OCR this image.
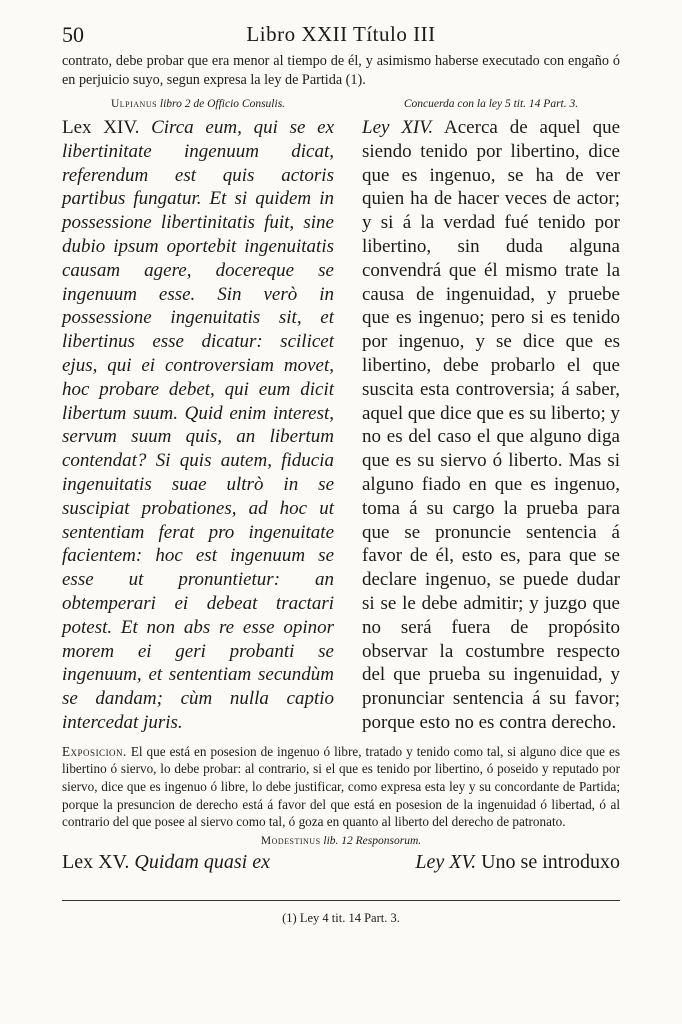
50	Libro XXII Título III

contrato, debe probar que era menor al tiempo de él, y asimismo haberse executado con engaño ó en perjuicio suyo, segun expresa la ley de Partida (1).

Ulpianus libro 2 de Officio Consulis.

Lex XIV. Circa eum, qui se ex libertinitate ingenuum dicat, referendum est quis actoris partibus fungatur. Et si quidem in possessione libertinitatis fuit, sine dubio ipsum oportebit ingenuitatis causam agere, docereque se ingenuum esse. Sin verò in possessione ingenuitatis sit, et libertinus esse dicatur: scilicet ejus, qui ei controversiam movet, hoc probare debet, qui eum dicit libertum suum. Quid enim interest, servum suum quis, an libertum contendat? Si quis autem, fiducia ingenuitatis suae ultrò in se suscipiat probationes, ad hoc ut sententiam ferat pro ingenuitate facientem: hoc est ingenuum se esse ut pronuntietur: an obtemperari ei debeat tractari potest. Et non abs re esse opinor morem ei geri probanti se ingenuum, et sententiam secundùm se dandam; cùm nulla captio intercedat juris.

Concuerda con la ley 5 tit. 14 Part. 3.

Ley XIV. Acerca de aquel que siendo tenido por libertino, dice que es ingenuo, se ha de ver quien ha de hacer veces de actor; y si á la verdad fué tenido por libertino, sin duda alguna convendrá que él mismo trate la causa de ingenuidad, y pruebe que es ingenuo; pero si es tenido por ingenuo, y se dice que es libertino, debe probarlo el que suscita esta controversia; á saber, aquel que dice que es su liberto; y no es del caso el que alguno diga que es su siervo ó liberto. Mas si alguno fiado en que es ingenuo, toma á su cargo la prueba para que se pronuncie sentencia á favor de él, esto es, para que se declare ingenuo, se puede dudar si se le debe admitir; y juzgo que no será fuera de propósito observar la costumbre respecto del que prueba su ingenuidad, y pronunciar sentencia á su favor; porque esto no es contra derecho.

Exposicion. El que está en posesion de ingenuo ó libre, tratado y tenido como tal, si alguno dice que es libertino ó siervo, lo debe probar: al contrario, si el que es tenido por libertino, ó poseido y reputado por siervo, dice que es ingenuo ó libre, lo debe justificar, como expresa esta ley y su concordante de Partida; porque la presuncion de derecho está á favor del que está en posesion de la ingenuidad ó libertad, ó al contrario del que posee al siervo como tal, ó goza en quanto al liberto del derecho de patronato.

Modestinus lib. 12 Responsorum.

Lex XV. Quidam quasi ex	Ley XV. Uno se introduxo
(1) Ley 4 tit. 14 Part. 3.
